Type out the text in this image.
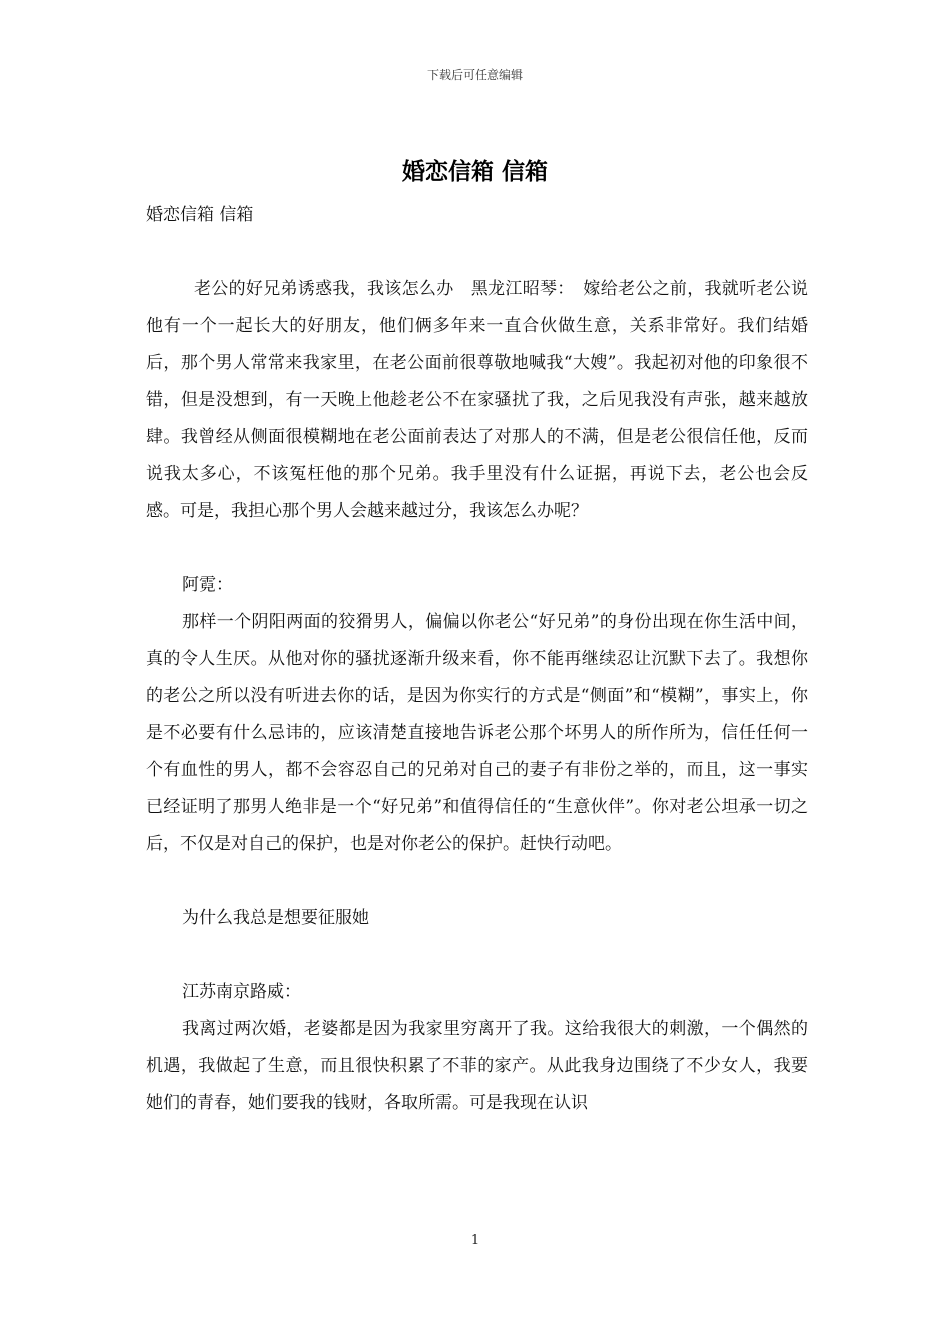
下载后可任意编辑
婚恋信箱 信箱

婚恋信箱 信箱

老公的好兄弟诱惑我，我该怎么办　黑龙江昭琴：　嫁给老公之前，我就听老公说他有一个一起长大的好朋友，他们俩多年来一直合伙做生意，关系非常好。我们结婚后，那个男人常常来我家里，在老公面前很尊敬地喊我“大嫂”。我起初对他的印象很不错，但是没想到，有一天晚上他趁老公不在家骚扰了我，之后见我没有声张，越来越放肆。我曾经从侧面很模糊地在老公面前表达了对那人的不满，但是老公很信任他，反而说我太多心，不该冤枉他的那个兄弟。我手里没有什么证据，再说下去，老公也会反感。可是，我担心那个男人会越来越过分，我该怎么办呢？

阿霓：

那样一个阴阳两面的狡猾男人，偏偏以你老公“好兄弟”的身份出现在你生活中间，真的令人生厌。从他对你的骚扰逐渐升级来看，你不能再继续忍让沉默下去了。我想你的老公之所以没有听进去你的话，是因为你实行的方式是“侧面”和“模糊”，事实上，你是不必要有什么忌讳的，应该清楚直接地告诉老公那个坏男人的所作所为，信任任何一个有血性的男人，都不会容忍自己的兄弟对自己的妻子有非份之举的，而且，这一事实已经证明了那男人绝非是一个“好兄弟”和值得信任的“生意伙伴”。你对老公坦承一切之后，不仅是对自己的保护，也是对你老公的保护。赶快行动吧。

为什么我总是想要征服她

江苏南京路威：

我离过两次婚，老婆都是因为我家里穷离开了我。这给我很大的刺激，一个偶然的机遇，我做起了生意，而且很快积累了不菲的家产。从此我身边围绕了不少女人，我要她们的青春，她们要我的钱财，各取所需。可是我现在认识

1
